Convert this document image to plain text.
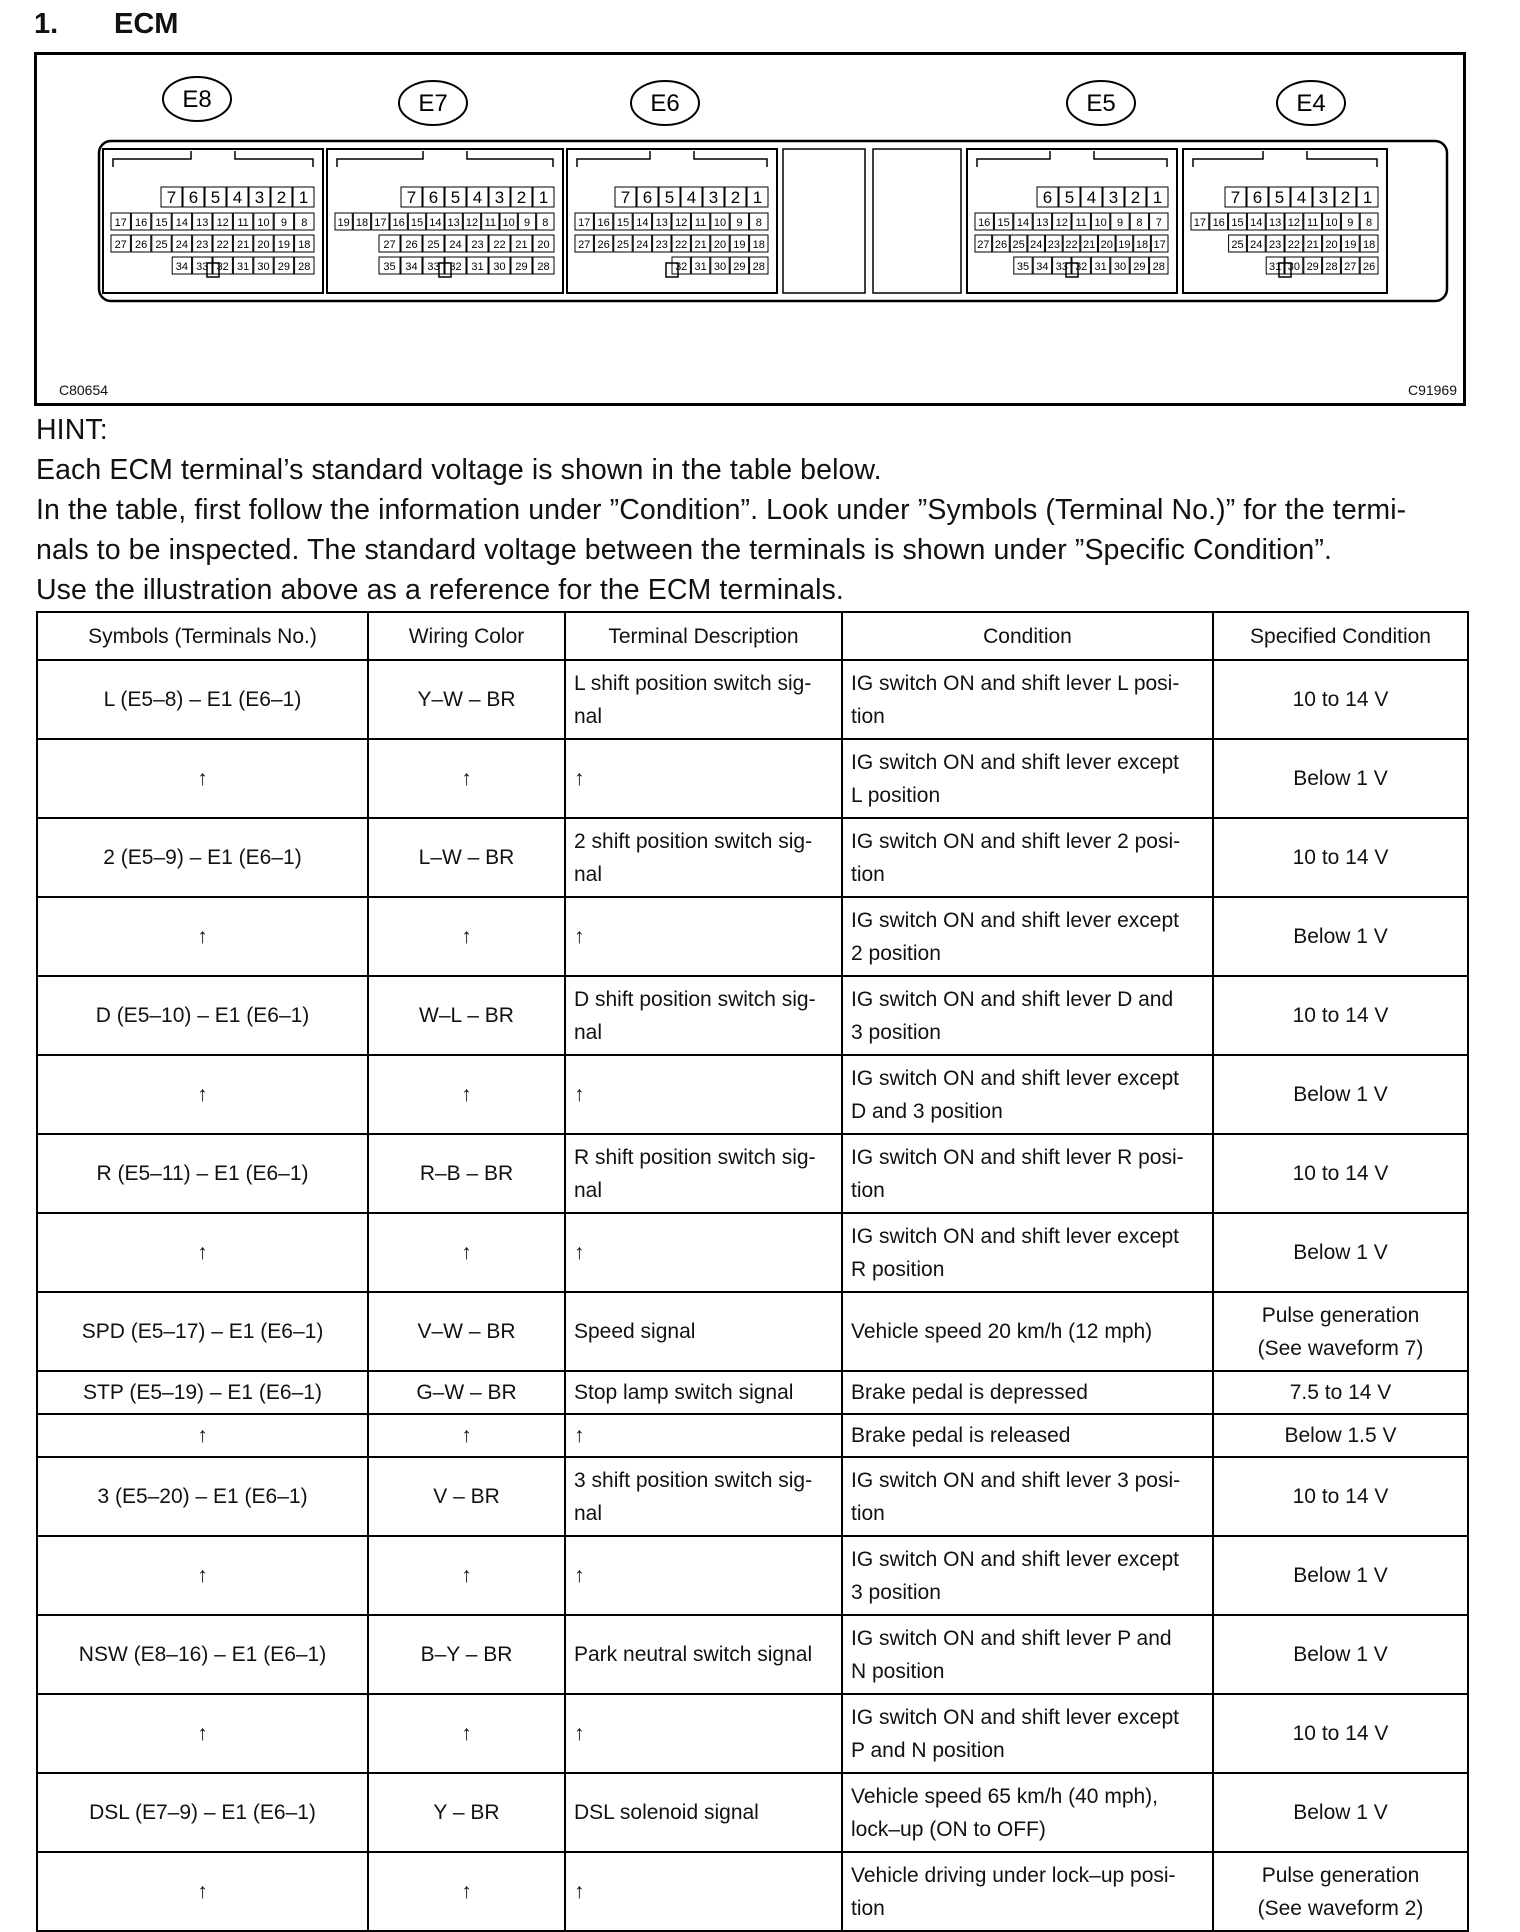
1. ECM
E8
7 6 5 4 3 2 1
17 16 15 14 13 12 11 10 9 8
27 26 25 24 23 22 21 20 19 18
34 33 32 31 30 29 28
E7
7 6 5 4 3 2 1
19 18 17 16 15 14 13 12 11 10 9 8
27 26 25 24 23 22 21 20
35 34 33 32 31 30 29 28
E6
7 6 5 4 3 2 1
17 16 15 14 13 12 11 10 9 8
27 26 25 24 23 22 21 20 19 18
32 31 30 29 28
E5
6 5 4 3 2 1
16 15 14 13 12 11 10 9 8 7
27 26 25 24 23 22 21 20 19 18 17
35 34 33 32 31 30 29 28
E4
7 6 5 4 3 2 1
17 16 15 14 13 12 11 10 9 8
25 24 23 22 21 20 19 18
31 30 29 28 27 26
C80654	C91969

HINT:

Each ECM terminal’s standard voltage is shown in the table below.

In the table, first follow the information under ”Condition”. Look under ”Symbols (Terminal No.)” for the termi-

nals to be inspected. The standard voltage between the terminals is shown under ”Specific Condition”.

Use the illustration above as a reference for the ECM terminals.

Symbols (Terminals No.)	Wiring Color	Terminal Description	Condition	Specified Condition
L (E5–8) – E1 (E6–1)	Y–W – BR	L shift position switch sig-
nal	IG switch ON and shift lever L posi-
tion	10 to 14 V
↑	↑	↑	IG switch ON and shift lever except
L position	Below 1 V
2 (E5–9) – E1 (E6–1)	L–W – BR	2 shift position switch sig-
nal	IG switch ON and shift lever 2 posi-
tion	10 to 14 V
↑	↑	↑	IG switch ON and shift lever except
2 position	Below 1 V
D (E5–10) – E1 (E6–1)	W–L – BR	D shift position switch sig-
nal	IG switch ON and shift lever D and
3 position	10 to 14 V
↑	↑	↑	IG switch ON and shift lever except
D and 3 position	Below 1 V
R (E5–11) – E1 (E6–1)	R–B – BR	R shift position switch sig-
nal	IG switch ON and shift lever R posi-
tion	10 to 14 V
↑	↑	↑	IG switch ON and shift lever except
R position	Below 1 V
SPD (E5–17) – E1 (E6–1)	V–W – BR	Speed signal	Vehicle speed 20 km/h (12 mph)	Pulse generation
(See waveform 7)
STP (E5–19) – E1 (E6–1)	G–W – BR	Stop lamp switch signal	Brake pedal is depressed	7.5 to 14 V
↑	↑	↑	Brake pedal is released	Below 1.5 V
3 (E5–20) – E1 (E6–1)	V – BR	3 shift position switch sig-
nal	IG switch ON and shift lever 3 posi-
tion	10 to 14 V
↑	↑	↑	IG switch ON and shift lever except
3 position	Below 1 V
NSW (E8–16) – E1 (E6–1)	B–Y – BR	Park neutral switch signal	IG switch ON and shift lever P and
N position	Below 1 V
↑	↑	↑	IG switch ON and shift lever except
P and N position	10 to 14 V
DSL (E7–9) – E1 (E6–1)	Y – BR	DSL solenoid signal	Vehicle speed 65 km/h (40 mph),
lock–up (ON to OFF)	Below 1 V
↑	↑	↑	Vehicle driving under lock–up posi-
tion	Pulse generation
(See waveform 2)
